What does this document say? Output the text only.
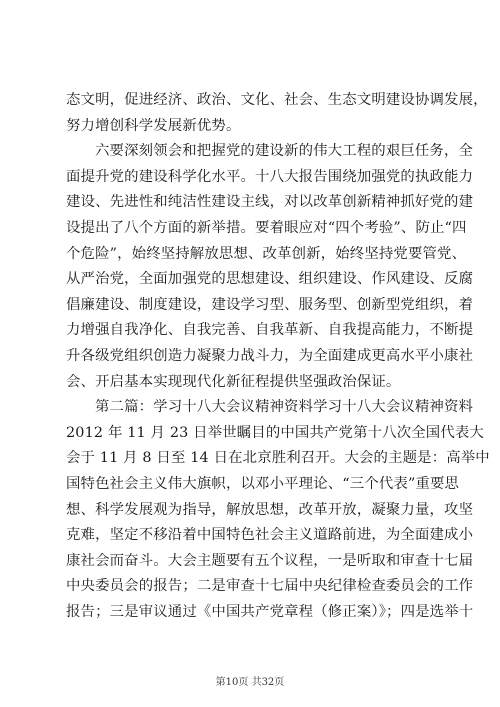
态文明，促进经济、政治、文化、社会、生态文明建设协调发展，
努力增创科学发展新优势。
六要深刻领会和把握党的建设新的伟大工程的艰巨任务，全
面提升党的建设科学化水平。十八大报告围绕加强党的执政能力
建设、先进性和纯洁性建设主线，对以改革创新精神抓好党的建
设提出了八个方面的新举措。要着眼应对“四个考验”、防止“四
个危险”，始终坚持解放思想、改革创新，始终坚持党要管党、
从严治党，全面加强党的思想建设、组织建设、作风建设、反腐
倡廉建设、制度建设，建设学习型、服务型、创新型党组织，着
力增强自我净化、自我完善、自我革新、自我提高能力，不断提
升各级党组织创造力凝聚力战斗力，为全面建成更高水平小康社
会、开启基本实现现代化新征程提供坚强政治保证。
第二篇：学习十八大会议精神资料学习十八大会议精神资料
2012 年 11 月 23 日举世瞩目的中国共产党第十八次全国代表大
会于 11 月 8 日至 14 日在北京胜利召开。大会的主题是：高举中
国特色社会主义伟大旗帜，以邓小平理论、“三个代表”重要思
想、科学发展观为指导，解放思想，改革开放，凝聚力量，攻坚
克难，坚定不移沿着中国特色社会主义道路前进，为全面建成小
康社会而奋斗。大会主题要有五个议程，一是听取和审查十七届
中央委员会的报告；二是审查十七届中央纪律检查委员会的工作
报告；三是审议通过《中国共产党章程（修正案）》；四是选举十
第10页 共32页
